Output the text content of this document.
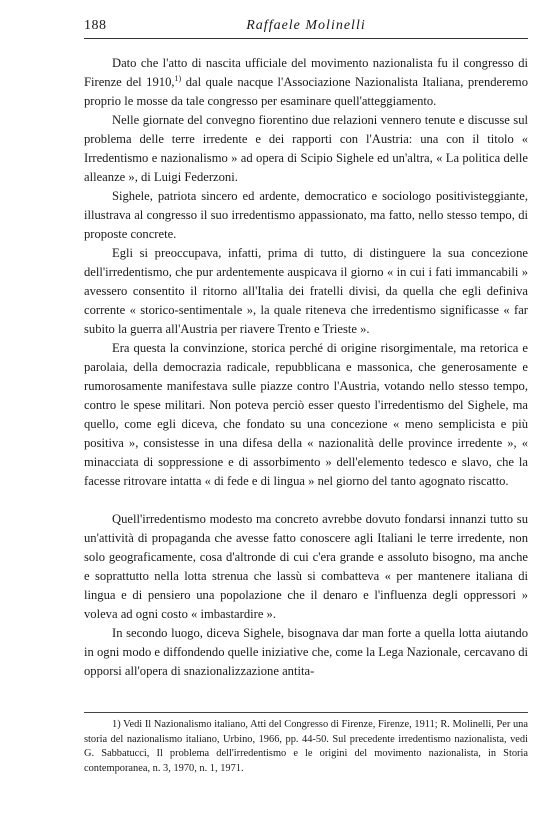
188	Raffaele Molinelli

Dato che l'atto di nascita ufficiale del movimento nazionalista fu il congresso di Firenze del 1910,$^{1)}$ dal quale nacque l'Associazione Nazionalista Italiana, prenderemo proprio le mosse da tale congresso per esaminare quell'atteggiamento.

Nelle giornate del convegno fiorentino due relazioni vennero tenute e discusse sul problema delle terre irredente e dei rapporti con l'Austria: una con il titolo « Irredentismo e nazionalismo » ad opera di Scipio Sighele ed un'altra, « La politica delle alleanze », di Luigi Federzoni.

Sighele, patriota sincero ed ardente, democratico e sociologo positivisteggiante, illustrava al congresso il suo irredentismo appassionato, ma fatto, nello stesso tempo, di proposte concrete.

Egli si preoccupava, infatti, prima di tutto, di distinguere la sua concezione dell'irredentismo, che pur ardentemente auspicava il giorno « in cui i fati immancabili » avessero consentito il ritorno all'Italia dei fratelli divisi, da quella che egli definiva corrente « storico-sentimentale », la quale riteneva che irredentismo significasse « far subito la guerra all'Austria per riavere Trento e Trieste ».

Era questa la convinzione, storica perché di origine risorgimentale, ma retorica e parolaia, della democrazia radicale, repubblicana e massonica, che generosamente e rumorosamente manifestava sulle piazze contro l'Austria, votando nello stesso tempo, contro le spese militari. Non poteva perciò esser questo l'irredentismo del Sighele, ma quello, come egli diceva, che fondato su una concezione « meno semplicista e più positiva », consistesse in una difesa della « nazionalità delle province irredente », « minacciata di soppressione e di assorbimento » dell'elemento tedesco e slavo, che la facesse ritrovare intatta « di fede e di lingua » nel giorno del tanto agognato riscatto.

Quell'irredentismo modesto ma concreto avrebbe dovuto fondarsi innanzi tutto su un'attività di propaganda che avesse fatto conoscere agli Italiani le terre irredente, non solo geograficamente, cosa d'altronde di cui c'era grande e assoluto bisogno, ma anche e soprattutto nella lotta strenua che lassù si combatteva « per mantenere italiana di lingua e di pensiero una popolazione che il denaro e l'influenza degli oppressori » voleva ad ogni costo « imbastardire ».

In secondo luogo, diceva Sighele, bisognava dar man forte a quella lotta aiutando in ogni modo e diffondendo quelle iniziative che, come la Lega Nazionale, cercavano di opporsi all'opera di snazionalizzazione antita-

1) Vedi Il Nazionalismo italiano, Atti del Congresso di Firenze, Firenze, 1911; R. Molinelli, Per una storia del nazionalismo italiano, Urbino, 1966, pp. 44-50. Sul precedente irredentismo nazionalista, vedi G. Sabbatucci, Il problema dell'irredentismo e le origini del movimento nazionalista, in Storia contemporanea, n. 3, 1970, n. 1, 1971.
